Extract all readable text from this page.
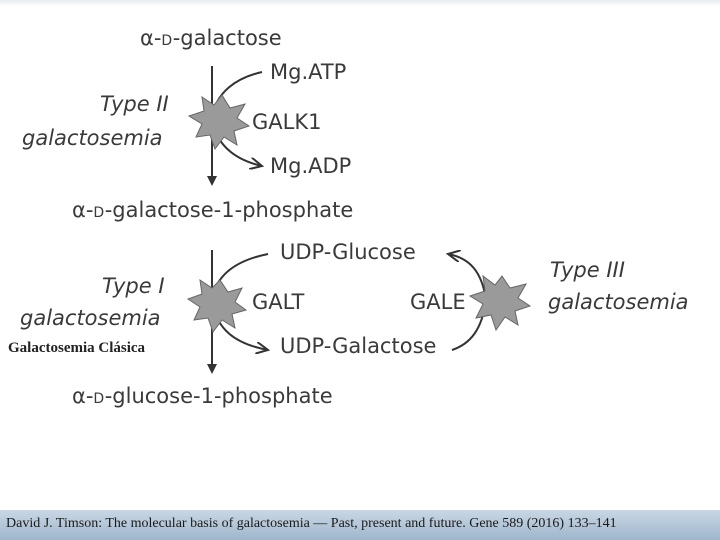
α-D-galactose
Mg.ATP
GALK1
Mg.ADP
α-D-galactose-1-phosphate
UDP-Glucose
GALT	GALE
UDP-Galactose
α-D-glucose-1-phosphate
Type II
galactosemia
Type I
galactosemia
Type III
galactosemia
Galactosemia Clásica
David J. Timson: The molecular basis of galactosemia — Past, present and future. Gene 589 (2016) 133–141
